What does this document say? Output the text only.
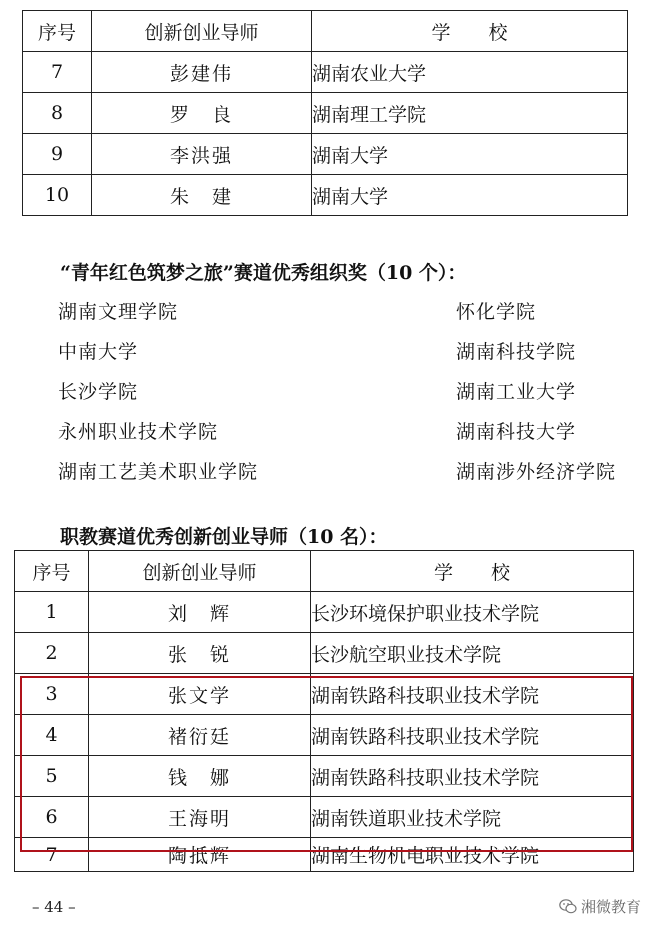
序号	创新创业导师	学　　校
7	彭建伟	湖南农业大学
8	罗　良	湖南理工学院
9	李洪强	湖南大学
10	朱　建	湖南大学
“青年红色筑梦之旅”赛道优秀组织奖（10 个）：
湖南文理学院	怀化学院
中南大学	湖南科技学院
长沙学院	湖南工业大学
永州职业技术学院	湖南科技大学
湖南工艺美术职业学院	湖南涉外经济学院
职教赛道优秀创新创业导师（10 名）：
序号	创新创业导师	学　　校
1	刘　辉	长沙环境保护职业技术学院
2	张　锐	长沙航空职业技术学院
3	张文学	湖南铁路科技职业技术学院
4	褚衍廷	湖南铁路科技职业技术学院
5	钱　娜	湖南铁路科技职业技术学院
6	王海明	湖南铁道职业技术学院
7	陶抵辉	湖南生物机电职业技术学院
– 44 –	湘微教育
